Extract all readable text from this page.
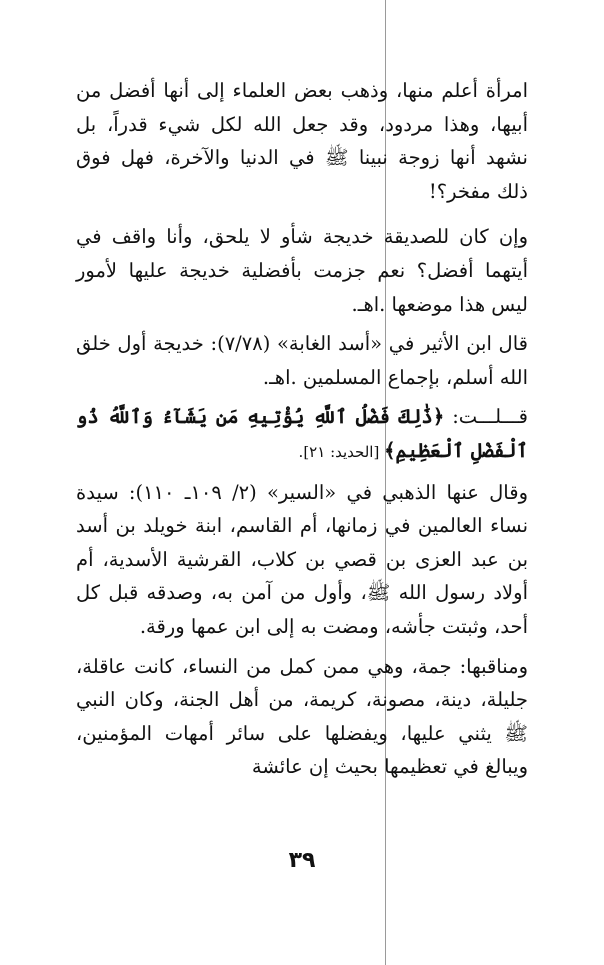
امرأة أعلم منها، وذهب بعض العلماء إلى أنها أفضل من أبيها، وهذا مردود، وقد جعل الله لكل شيء قدراً، بل نشهد أنها زوجة نبينا ﷺ في الدنيا والآخرة، فهل فوق ذلك مفخر؟!

وإن كان للصديقة خديجة شأو لا يلحق، وأنا واقف في أيتهما أفضل؟ نعم جزمت بأفضلية خديجة عليها لأمور ليس هذا موضعها .اهـ.

قال ابن الأثير في «أسد الغابة» (٧/٧٨): خديجة أول خلق الله أسلم، بإجماع المسلمين .اهـ.

قـــلـــت: ﴿ذَٰلِكَ فَضْلُ ٱللَّهِ يُؤْتِيهِ مَن يَشَآءُ وَٱللَّهُ ذُو ٱلْفَضْلِ ٱلْعَظِيمِ﴾ [الحديد: ٢١].

وقال عنها الذهبي في «السير» (٢/ ١٠٩ـ ١١٠): سيدة نساء العالمين في زمانها، أم القاسم، ابنة خويلد بن أسد بن عبد العزى بن قصي بن كلاب، القرشية الأسدية، أم أولاد رسول الله ﷺ، وأول من آمن به، وصدقه قبل كل أحد، وثبتت جأشه، ومضت به إلى ابن عمها ورقة.

ومناقبها: جمة، وهي ممن كمل من النساء، كانت عاقلة، جليلة، دينة، مصونة، كريمة، من أهل الجنة، وكان النبي ﷺ يثني عليها، ويفضلها على سائر أمهات المؤمنين، ويبالغ في تعظيمها بحيث إن عائشة

٣٩
